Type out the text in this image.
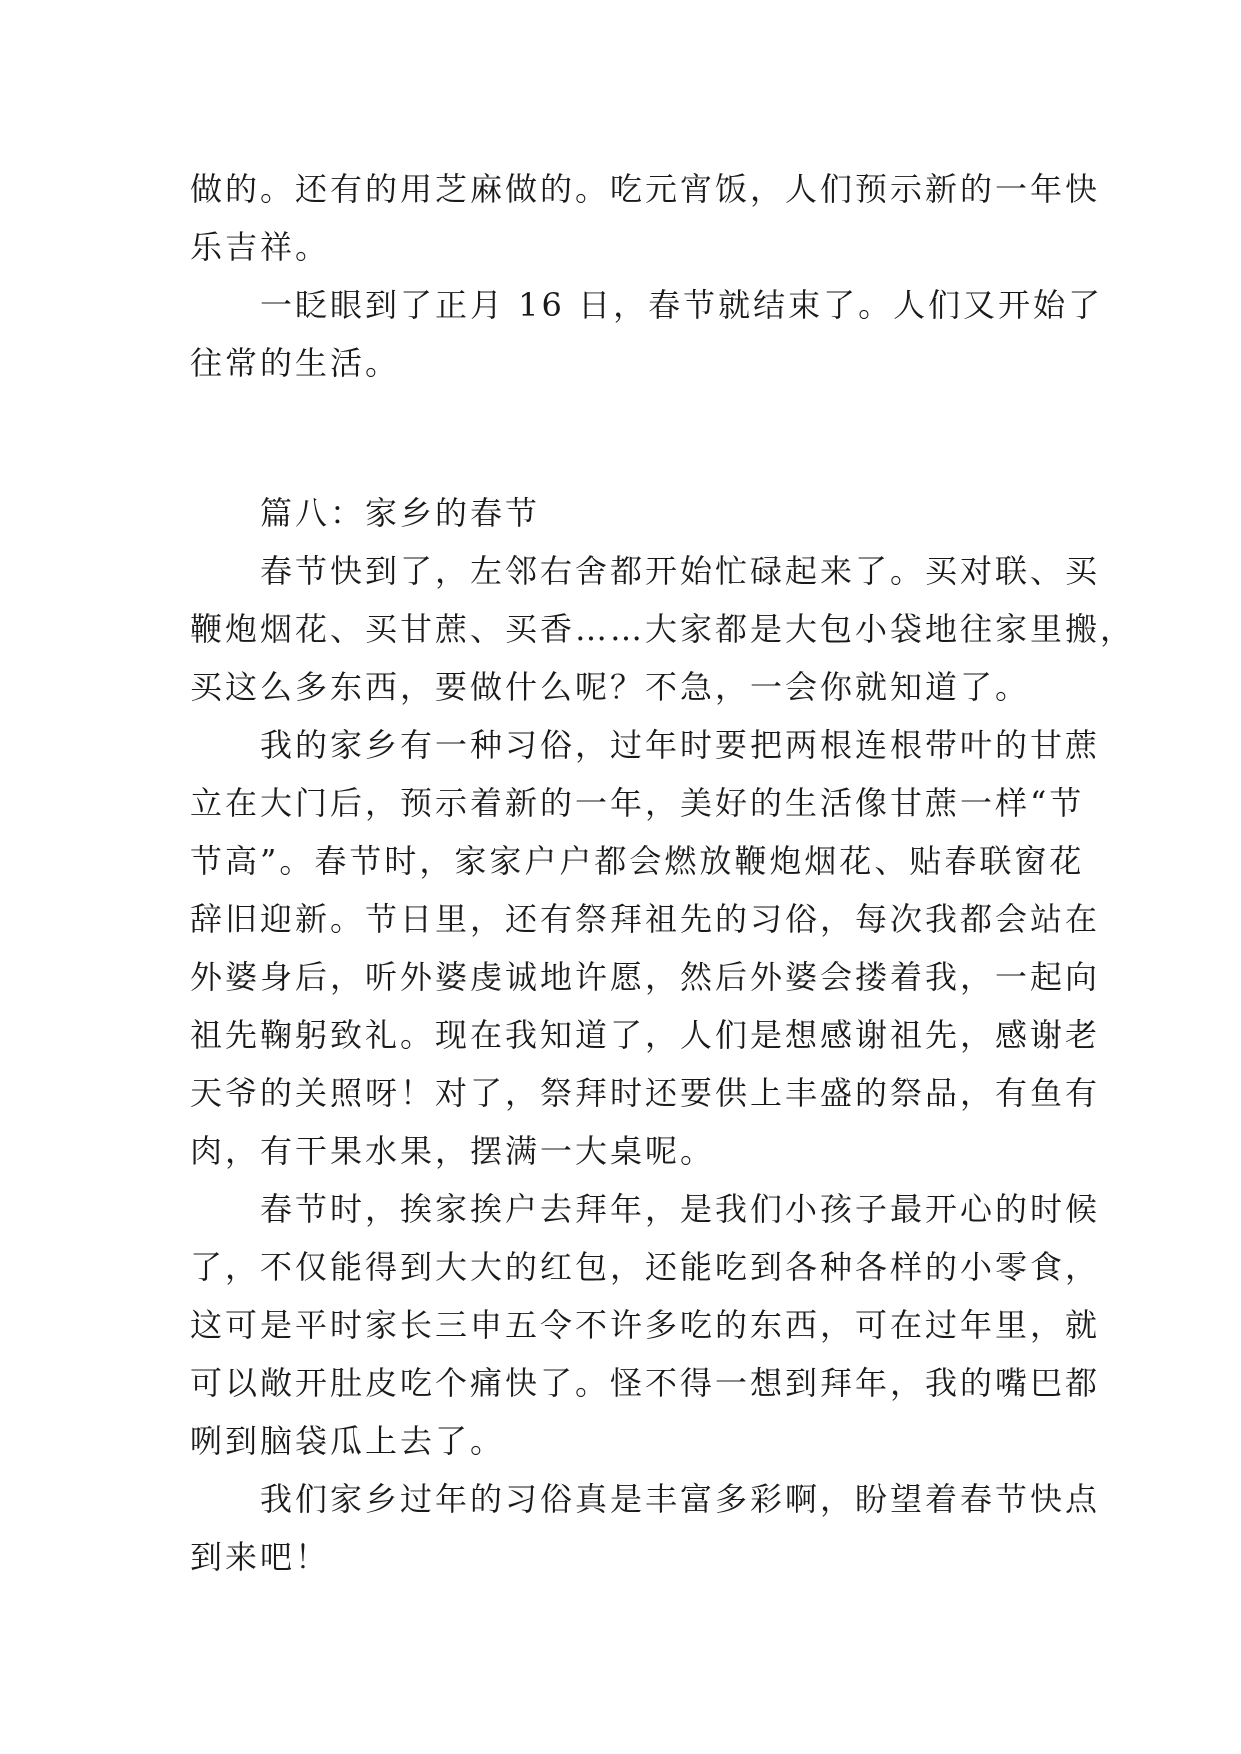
做的。还有的用芝麻做的。吃元宵饭，人们预示新的一年快
乐吉祥。
　　一眨眼到了正月 16 日，春节就结束了。人们又开始了
往常的生活。
　　篇八：家乡的春节
　　春节快到了，左邻右舍都开始忙碌起来了。买对联、买
鞭炮烟花、买甘蔗、买香……大家都是大包小袋地往家里搬，
买这么多东西，要做什么呢？不急，一会你就知道了。
　　我的家乡有一种习俗，过年时要把两根连根带叶的甘蔗
立在大门后，预示着新的一年，美好的生活像甘蔗一样“节
节高”。春节时，家家户户都会燃放鞭炮烟花、贴春联窗花
辞旧迎新。节日里，还有祭拜祖先的习俗，每次我都会站在
外婆身后，听外婆虔诚地许愿，然后外婆会搂着我，一起向
祖先鞠躬致礼。现在我知道了，人们是想感谢祖先，感谢老
天爷的关照呀！对了，祭拜时还要供上丰盛的祭品，有鱼有
肉，有干果水果，摆满一大桌呢。
　　春节时，挨家挨户去拜年，是我们小孩子最开心的时候
了，不仅能得到大大的红包，还能吃到各种各样的小零食，
这可是平时家长三申五令不许多吃的东西，可在过年里，就
可以敞开肚皮吃个痛快了。怪不得一想到拜年，我的嘴巴都
咧到脑袋瓜上去了。
　　我们家乡过年的习俗真是丰富多彩啊，盼望着春节快点
到来吧！
